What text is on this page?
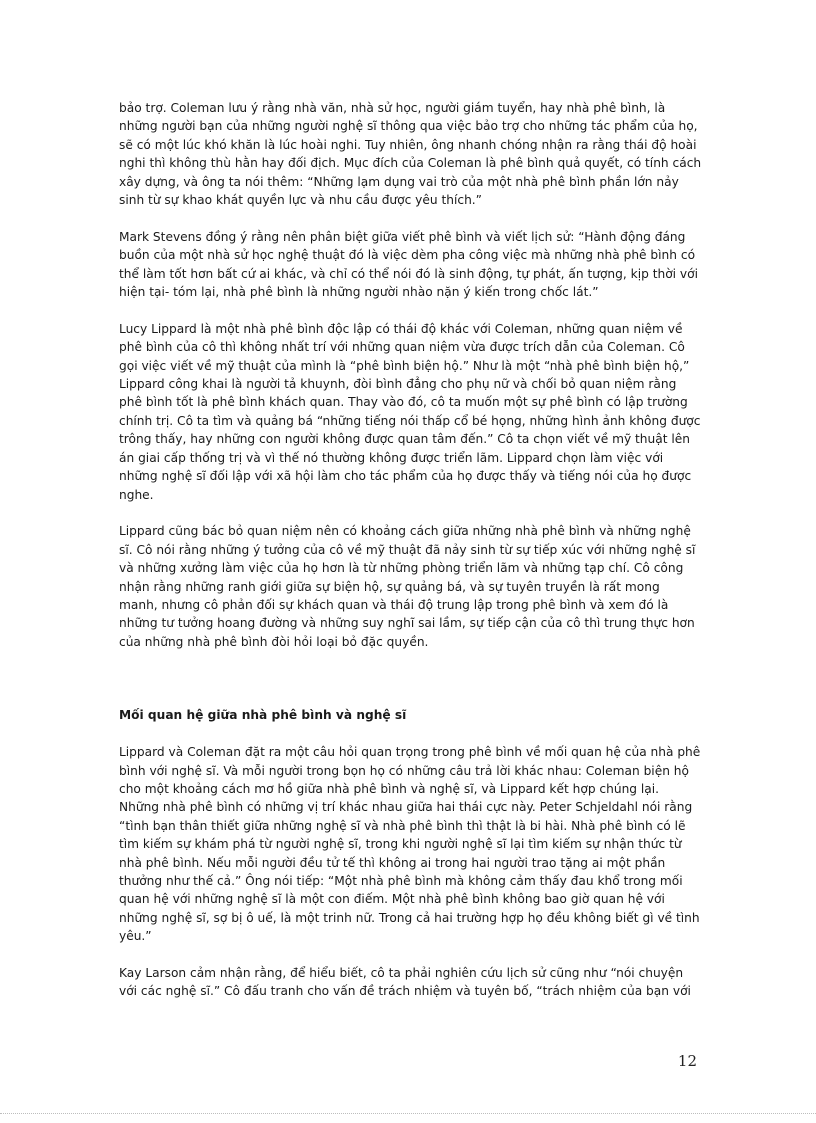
bảo trợ. Coleman lưu ý rằng nhà văn, nhà sử học, người giám tuyển, hay nhà phê bình, là những người bạn của những người nghệ sĩ thông qua việc bảo trợ cho những tác phẩm của họ, sẽ có một lúc khó khăn là lúc hoài nghi. Tuy nhiên, ông nhanh chóng nhận ra rằng thái độ hoài nghi thì không thù hằn hay đối địch. Mục đích của Coleman là phê bình quả quyết, có tính cách xây dựng, và ông ta nói thêm: “Những lạm dụng vai trò của một nhà phê bình phần lớn nảy sinh từ sự khao khát quyền lực và nhu cầu được yêu thích.”

Mark Stevens đồng ý rằng nên phân biệt giữa viết phê bình và viết lịch sử: “Hành động đáng buồn của một nhà sử học nghệ thuật đó là việc dèm pha công việc mà những nhà phê bình có thể làm tốt hơn bất cứ ai khác, và chỉ có thể nói đó là sinh động, tự phát, ấn tượng, kịp thời với hiện tại- tóm lại, nhà phê bình là những người nhào nặn ý kiến trong chốc lát.”

Lucy Lippard là một nhà phê bình độc lập có thái độ khác với Coleman, những quan niệm về phê bình của cô thì không nhất trí với những quan niệm vừa được trích dẫn của Coleman. Cô gọi việc viết về mỹ thuật của mình là “phê bình biện hộ.” Như là một “nhà phê bình biện hộ,” Lippard công khai là người tả khuynh, đòi bình đẳng cho phụ nữ và chối bỏ quan niệm rằng phê bình tốt là phê bình khách quan. Thay vào đó, cô ta muốn một sự phê bình có lập trường chính trị. Cô ta tìm và quảng bá “những tiếng nói thấp cổ bé họng, những hình ảnh không được trông thấy, hay những con người không được quan tâm đến.” Cô ta chọn viết về mỹ thuật lên án giai cấp thống trị và vì thế nó thường không được triển lãm. Lippard chọn làm việc với những nghệ sĩ đối lập với xã hội làm cho tác phẩm của họ được thấy và tiếng nói của họ được nghe.

Lippard cũng bác bỏ quan niệm nên có khoảng cách giữa những nhà phê bình và những nghệ sĩ. Cô nói rằng những ý tưởng của cô về mỹ thuật đã nảy sinh từ sự tiếp xúc với những nghệ sĩ và những xưởng làm việc của họ hơn là từ những phòng triển lãm và những tạp chí. Cô công nhận rằng những ranh giới giữa sự biện hộ, sự quảng bá, và sự tuyên truyền là rất mong manh, nhưng cô phản đối sự khách quan và thái độ trung lập trong phê bình và xem đó là những tư tưởng hoang đường và những suy nghĩ sai lầm, sự tiếp cận của cô thì trung thực hơn của những nhà phê bình đòi hỏi loại bỏ đặc quyền.

Mối quan hệ giữa nhà phê bình và nghệ sĩ

Lippard và Coleman đặt ra một câu hỏi quan trọng trong phê bình về mối quan hệ của nhà phê bình với nghệ sĩ. Và mỗi người trong bọn họ có những câu trả lời khác nhau: Coleman biện hộ cho một khoảng cách mơ hồ giữa nhà phê bình và nghệ sĩ, và Lippard kết hợp chúng lại. Những nhà phê bình có những vị trí khác nhau giữa hai thái cực này. Peter Schjeldahl nói rằng “tình bạn thân thiết giữa những nghệ sĩ và nhà phê bình thì thật là bi hài. Nhà phê bình có lẽ tìm kiếm sự khám phá từ người nghệ sĩ, trong khi người nghệ sĩ lại tìm kiếm sự nhận thức từ nhà phê bình. Nếu mỗi người đều tử tế thì không ai trong hai người trao tặng ai một phần thưởng như thế cả.” Ông nói tiếp: “Một nhà phê bình mà không cảm thấy đau khổ trong mối quan hệ với những nghệ sĩ là một con điếm. Một nhà phê bình không bao giờ quan hệ với những nghệ sĩ, sợ bị ô uế, là một trinh nữ. Trong cả hai trường hợp họ đều không biết gì về tình yêu.”

Kay Larson cảm nhận rằng, để hiểu biết, cô ta phải nghiên cứu lịch sử cũng như “nói chuyện với các nghệ sĩ.” Cô đấu tranh cho vấn đề trách nhiệm và tuyên bố, “trách nhiệm của bạn với

12
